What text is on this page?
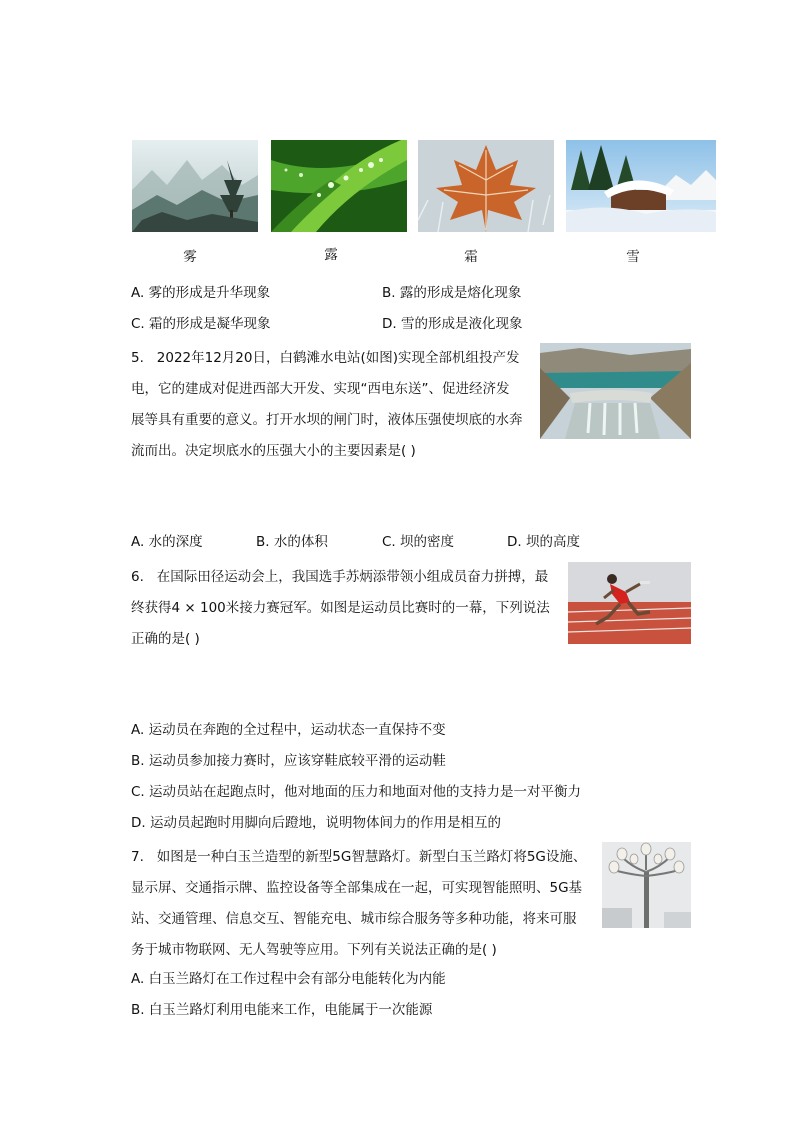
雾	露	霜	雪
A. 雾的形成是升华现象	B. 露的形成是熔化现象
C. 霜的形成是凝华现象	D. 雪的形成是液化现象
5. 2022年12月20日，白鹤滩水电站(如图)实现全部机组投产发
电，它的建成对促进西部大开发、实现“西电东送”、促进经济发
展等具有重要的意义。打开水坝的闸门时，液体压强使坝底的水奔
流而出。决定坝底水的压强大小的主要因素是( )
A. 水的深度	B. 水的体积	C. 坝的密度	D. 坝的高度
6. 在国际田径运动会上，我国选手苏炳添带领小组成员奋力拼搏，最
终获得4 × 100米接力赛冠军。如图是运动员比赛时的一幕，下列说法
正确的是( )
A. 运动员在奔跑的全过程中，运动状态一直保持不变
B. 运动员参加接力赛时，应该穿鞋底较平滑的运动鞋
C. 运动员站在起跑点时，他对地面的压力和地面对他的支持力是一对平衡力
D. 运动员起跑时用脚向后蹬地，说明物体间力的作用是相互的
7. 如图是一种白玉兰造型的新型5G智慧路灯。新型白玉兰路灯将5G设施、
显示屏、交通指示牌、监控设备等全部集成在一起，可实现智能照明、5G基
站、交通管理、信息交互、智能充电、城市综合服务等多种功能，将来可服
务于城市物联网、无人驾驶等应用。下列有关说法正确的是( )
A. 白玉兰路灯在工作过程中会有部分电能转化为内能
B. 白玉兰路灯利用电能来工作，电能属于一次能源
